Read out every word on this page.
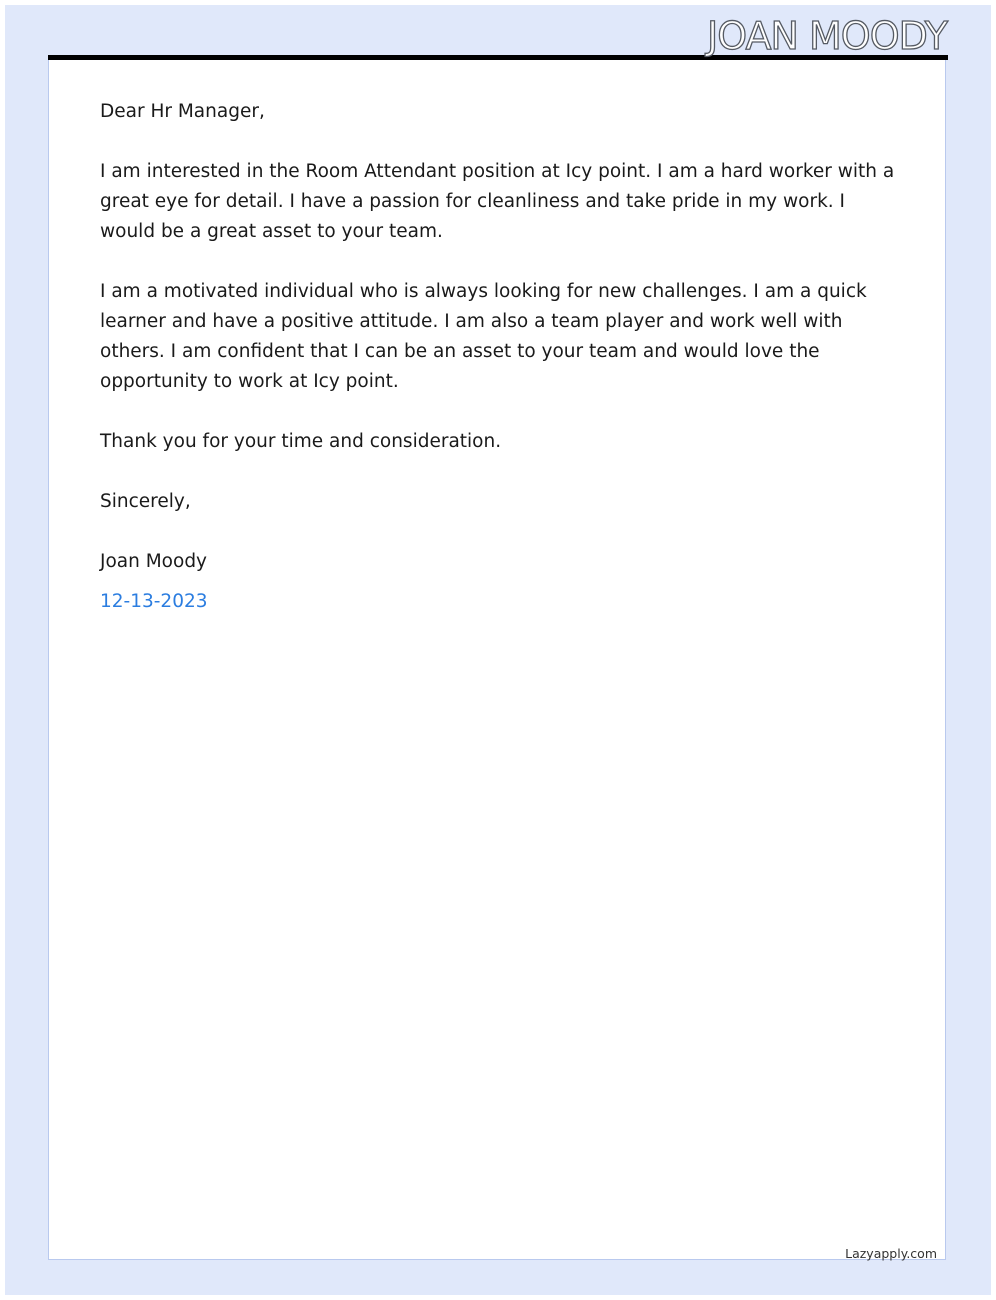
JOAN MOODY

Dear Hr Manager,

I am interested in the Room Attendant position at Icy point. I am a hard worker with a great eye for detail. I have a passion for cleanliness and take pride in my work. I would be a great asset to your team.

I am a motivated individual who is always looking for new challenges. I am a quick learner and have a positive attitude. I am also a team player and work well with others. I am confident that I can be an asset to your team and would love the opportunity to work at Icy point.

Thank you for your time and consideration.

Sincerely,

Joan Moody

12-13-2023

Lazyapply.com
